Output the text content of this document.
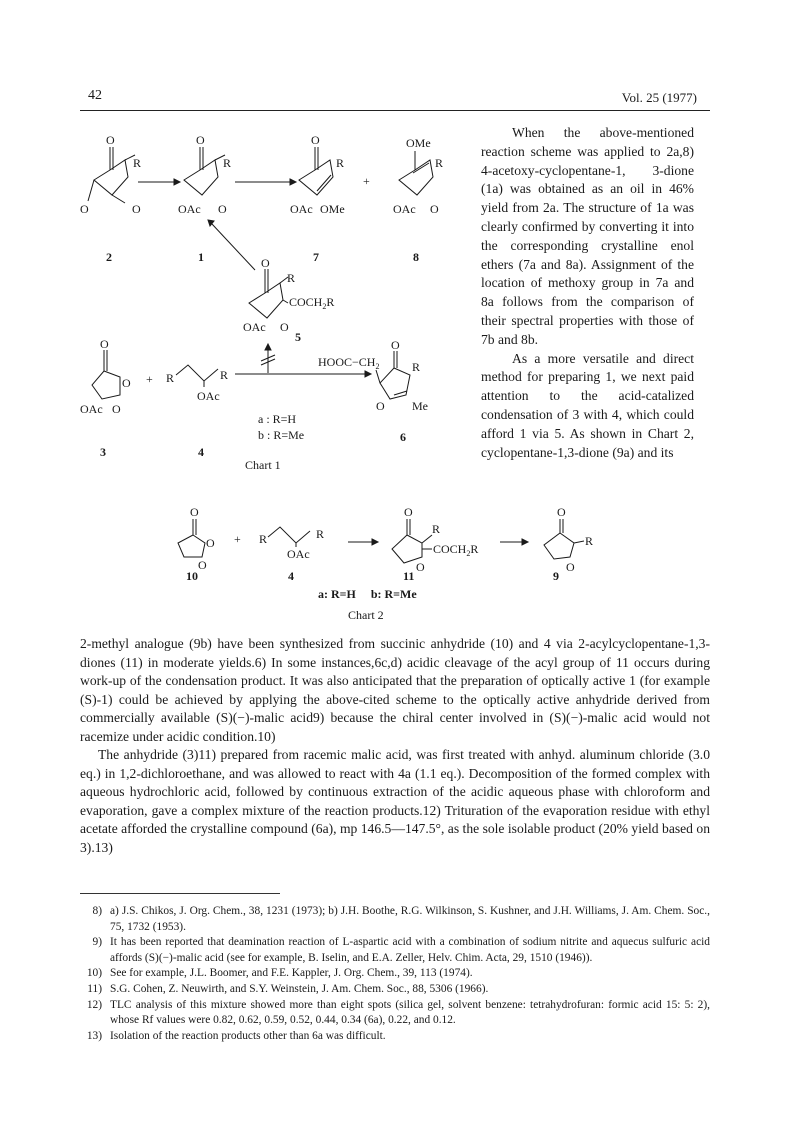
42	Vol. 25 (1977)
O
R
O	O
2
O
R
OAc O
1
O
R
OAc OMe
7
+
OMe
R
OAc O
8
O
R
$COCH_2R$
OAc O
5
O
O
OAc O
3
+ R	R
OAc
4
a : R=H
b : R=Me
Chart 1
$HOOC-CH_2$
O
R
O Me
6

When the above-mentioned reaction scheme was applied to 2a,8) 4-acetoxy-cyclopentane-1, 3-dione (1a) was obtained as an oil in 46% yield from 2a. The structure of 1a was clearly confirmed by converting it into the corresponding crystalline enol ethers (7a and 8a). Assignment of the location of methoxy group in 7a and 8a follows from the comparison of their spectral properties with those of 7b and 8b.

As a more versatile and direct method for preparing 1, we next paid attention to the acid-catalized condensation of 3 with 4, which could afford 1 via 5. As shown in Chart 2, cyclopentane-1,3-dione (9a) and its

O
O
O
10
+ R	R
OAc
4
O
R
$COCH_2R$
O
11
O
R
O
9
a: R=H     b: R=Me
Chart 2

2-methyl analogue (9b) have been synthesized from succinic anhydride (10) and 4 via 2-acylcyclopentane-1,3-diones (11) in moderate yields.6) In some instances,6c,d) acidic cleavage of the acyl group of 11 occurs during work-up of the condensation product. It was also anticipated that the preparation of optically active 1 (for example (S)-1) could be achieved by applying the above-cited scheme to the optically active anhydride derived from commercially available (S)(−)-malic acid9) because the chiral center involved in (S)(−)-malic acid would not racemize under acidic condition.10)

The anhydride (3)11) prepared from racemic malic acid, was first treated with anhyd. aluminum chloride (3.0 eq.) in 1,2-dichloroethane, and was allowed to react with 4a (1.1 eq.). Decomposition of the formed complex with aqueous hydrochloric acid, followed by continuous extraction of the acidic aqueous phase with chloroform and evaporation, gave a complex mixture of the reaction products.12) Trituration of the evaporation residue with ethyl acetate afforded the crystalline compound (6a), mp 146.5—147.5°, as the sole isolable product (20% yield based on 3).13)

8) a) J.S. Chikos, J. Org. Chem., 38, 1231 (1973); b) J.H. Boothe, R.G. Wilkinson, S. Kushner, and J.H. Williams, J. Am. Chem. Soc., 75, 1732 (1953).
9) It has been reported that deamination reaction of L-aspartic acid with a combination of sodium nitrite and aquecus sulfuric acid affords (S)(−)-malic acid (see for example, B. Iselin, and E.A. Zeller, Helv. Chim. Acta, 29, 1510 (1946)).
10) See for example, J.L. Boomer, and F.E. Kappler, J. Org. Chem., 39, 113 (1974).
11) S.G. Cohen, Z. Neuwirth, and S.Y. Weinstein, J. Am. Chem. Soc., 88, 5306 (1966).
12) TLC analysis of this mixture showed more than eight spots (silica gel, solvent benzene: tetrahydrofuran: formic acid 15: 5: 2), whose Rf values were 0.82, 0.62, 0.59, 0.52, 0.44, 0.34 (6a), 0.22, and 0.12.
13) Isolation of the reaction products other than 6a was difficult.
